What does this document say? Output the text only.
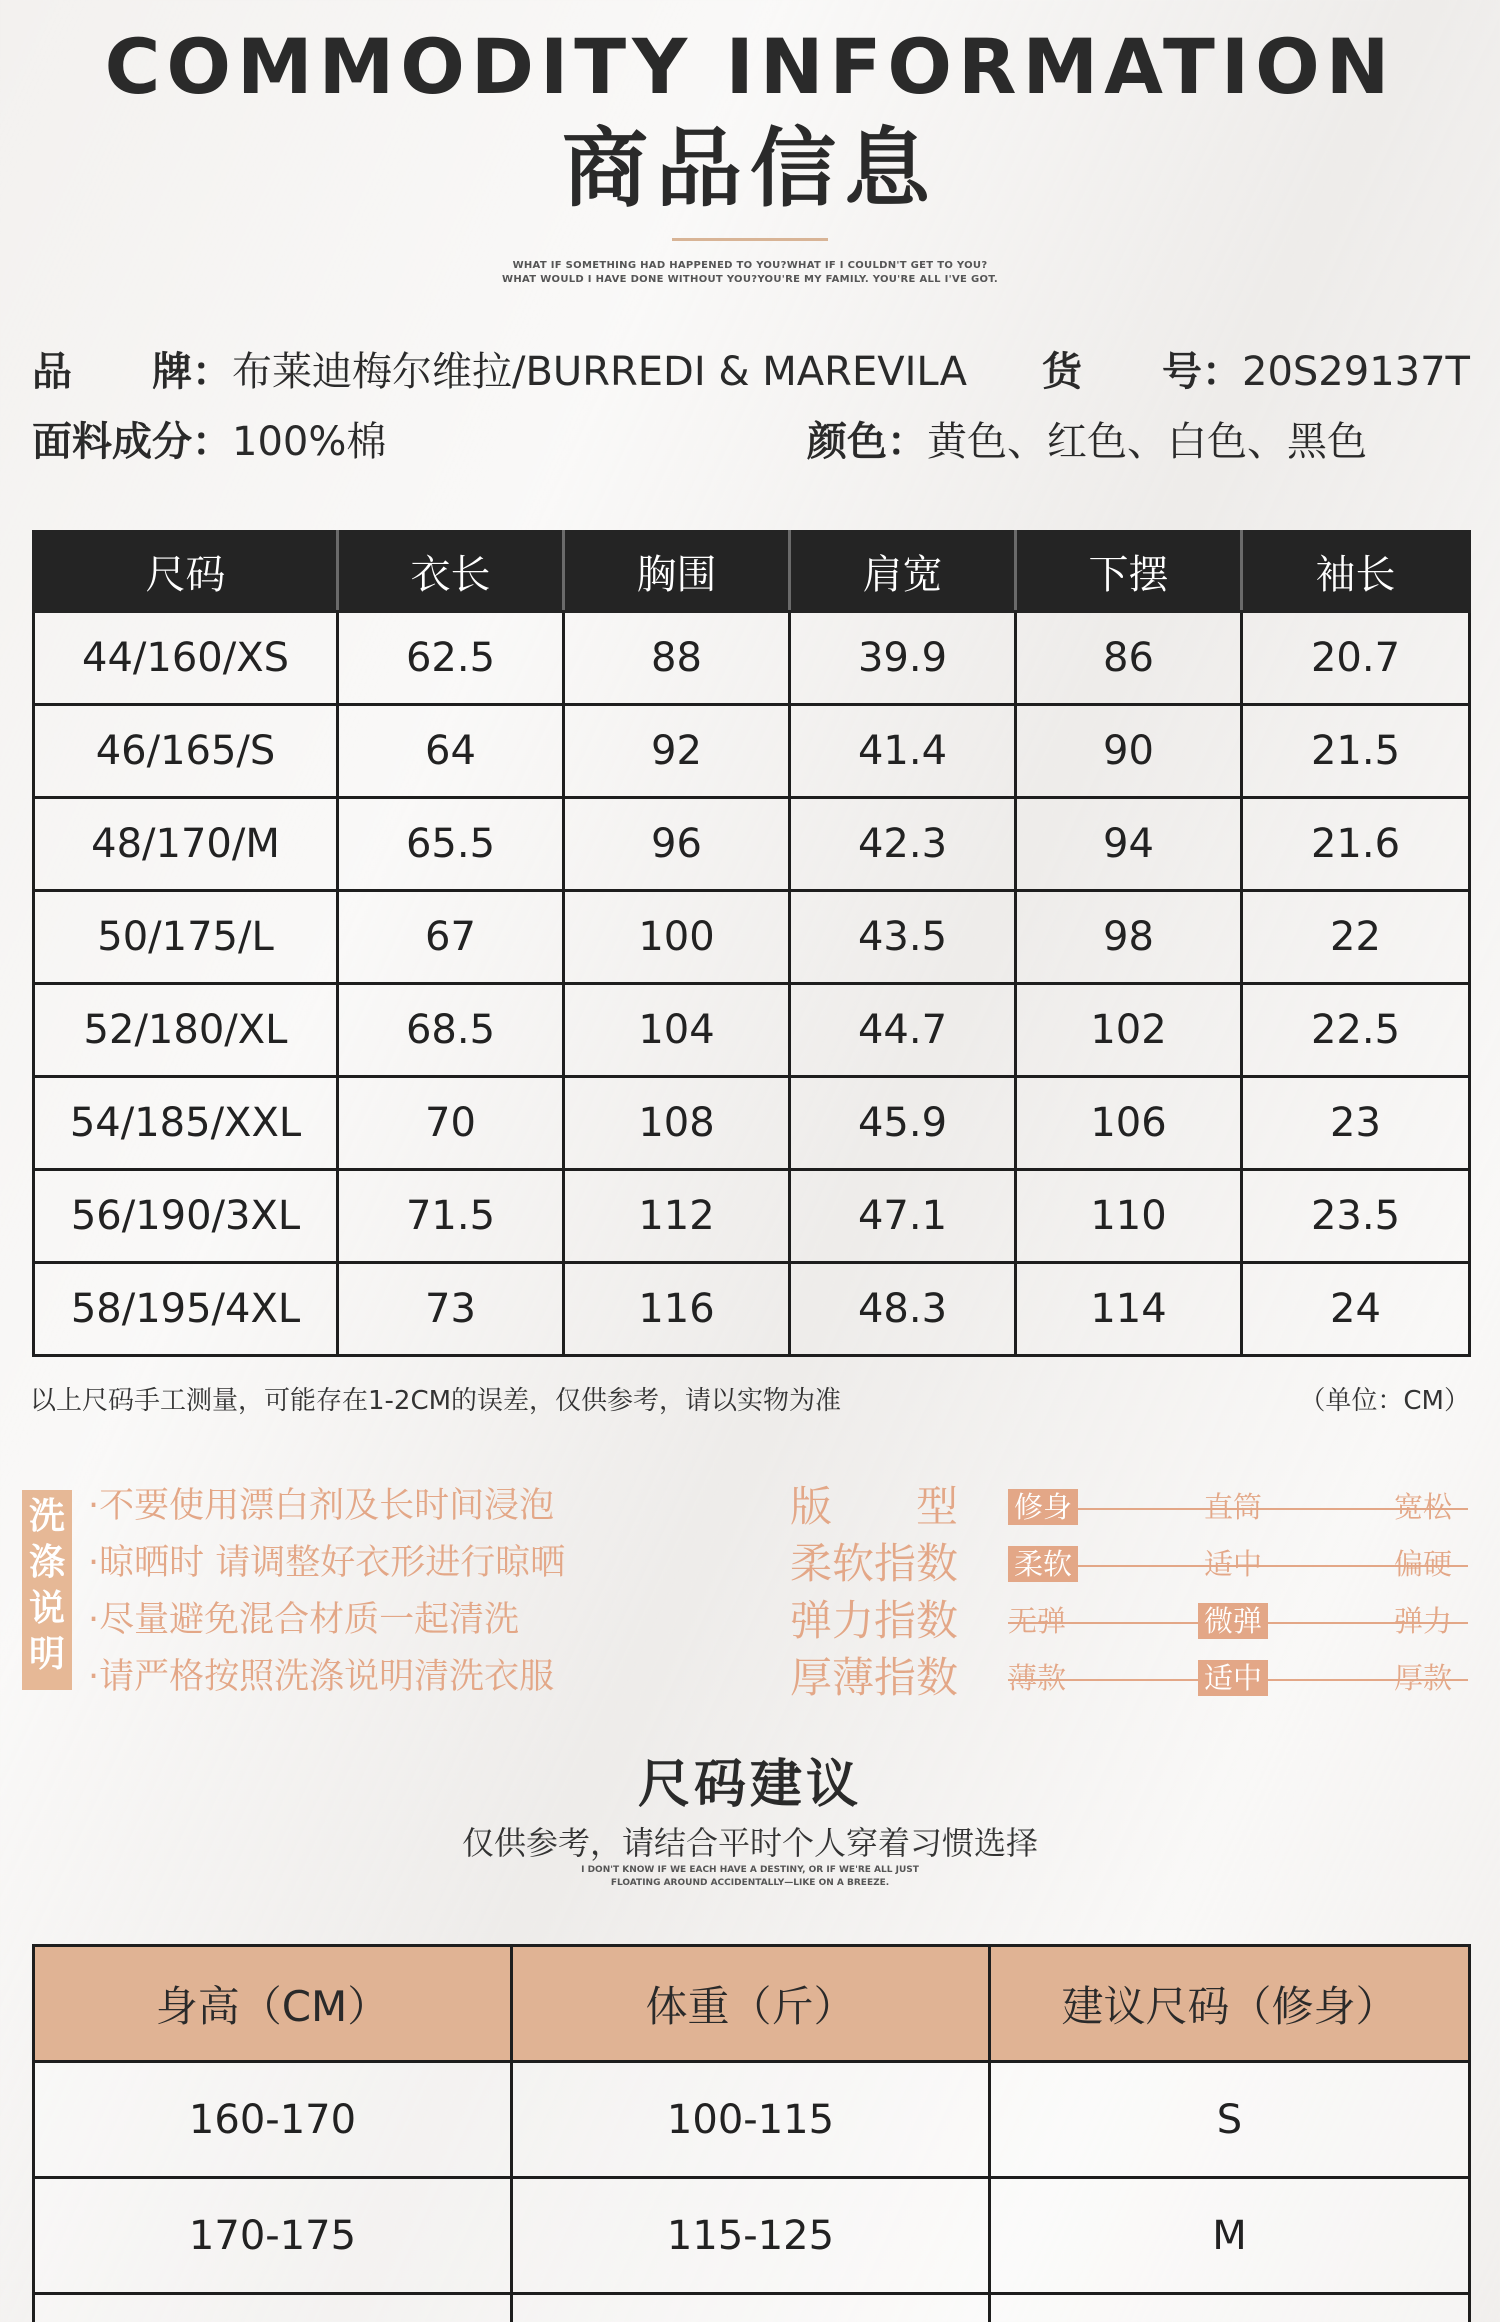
COMMODITY INFORMATION
商品信息
WHAT IF SOMETHING HAD HAPPENED TO YOU?WHAT IF I COULDN'T GET TO YOU?
WHAT WOULD I HAVE DONE WITHOUT YOU?YOU'RE MY FAMILY. YOU'RE ALL I'VE GOT.
品　　牌：布莱迪梅尔维拉/BURREDI & MAREVILA 货　　号：20S29137T
面料成分：100%棉	颜色：黄色、红色、白色、黑色
尺码	衣长	胸围	肩宽	下摆	袖长
44/160/XS	62.5	88	39.9	86	20.7
46/165/S	64	92	41.4	90	21.5
48/170/M	65.5	96	42.3	94	21.6
50/175/L	67	100	43.5	98	22
52/180/XL	68.5	104	44.7	102	22.5
54/185/XXL	70	108	45.9	106	23
56/190/3XL	71.5	112	47.1	110	23.5
58/195/4XL	73	116	48.3	114	24
以上尺码手工测量，可能存在1-2CM的误差，仅供参考，请以实物为准	（单位：CM）
洗
涤
说
明
·不要使用漂白剂及长时间浸泡
·晾晒时 请调整好衣形进行晾晒
·尽量避免混合材质一起清洗
·请严格按照洗涤说明清洗衣服
版　　型 修身	直筒	宽松
柔软指数 柔软	适中	偏硬
弹力指数 无弹	微弹	弹力
厚薄指数 薄款	适中	厚款
尺码建议
仅供参考，请结合平时个人穿着习惯选择
I DON'T KNOW IF WE EACH HAVE A DESTINY, OR IF WE'RE ALL JUST
FLOATING AROUND ACCIDENTALLY—LIKE ON A BREEZE.
身高（CM）	体重（斤）	建议尺码（修身）
160-170	100-115	S
170-175	115-125	M
